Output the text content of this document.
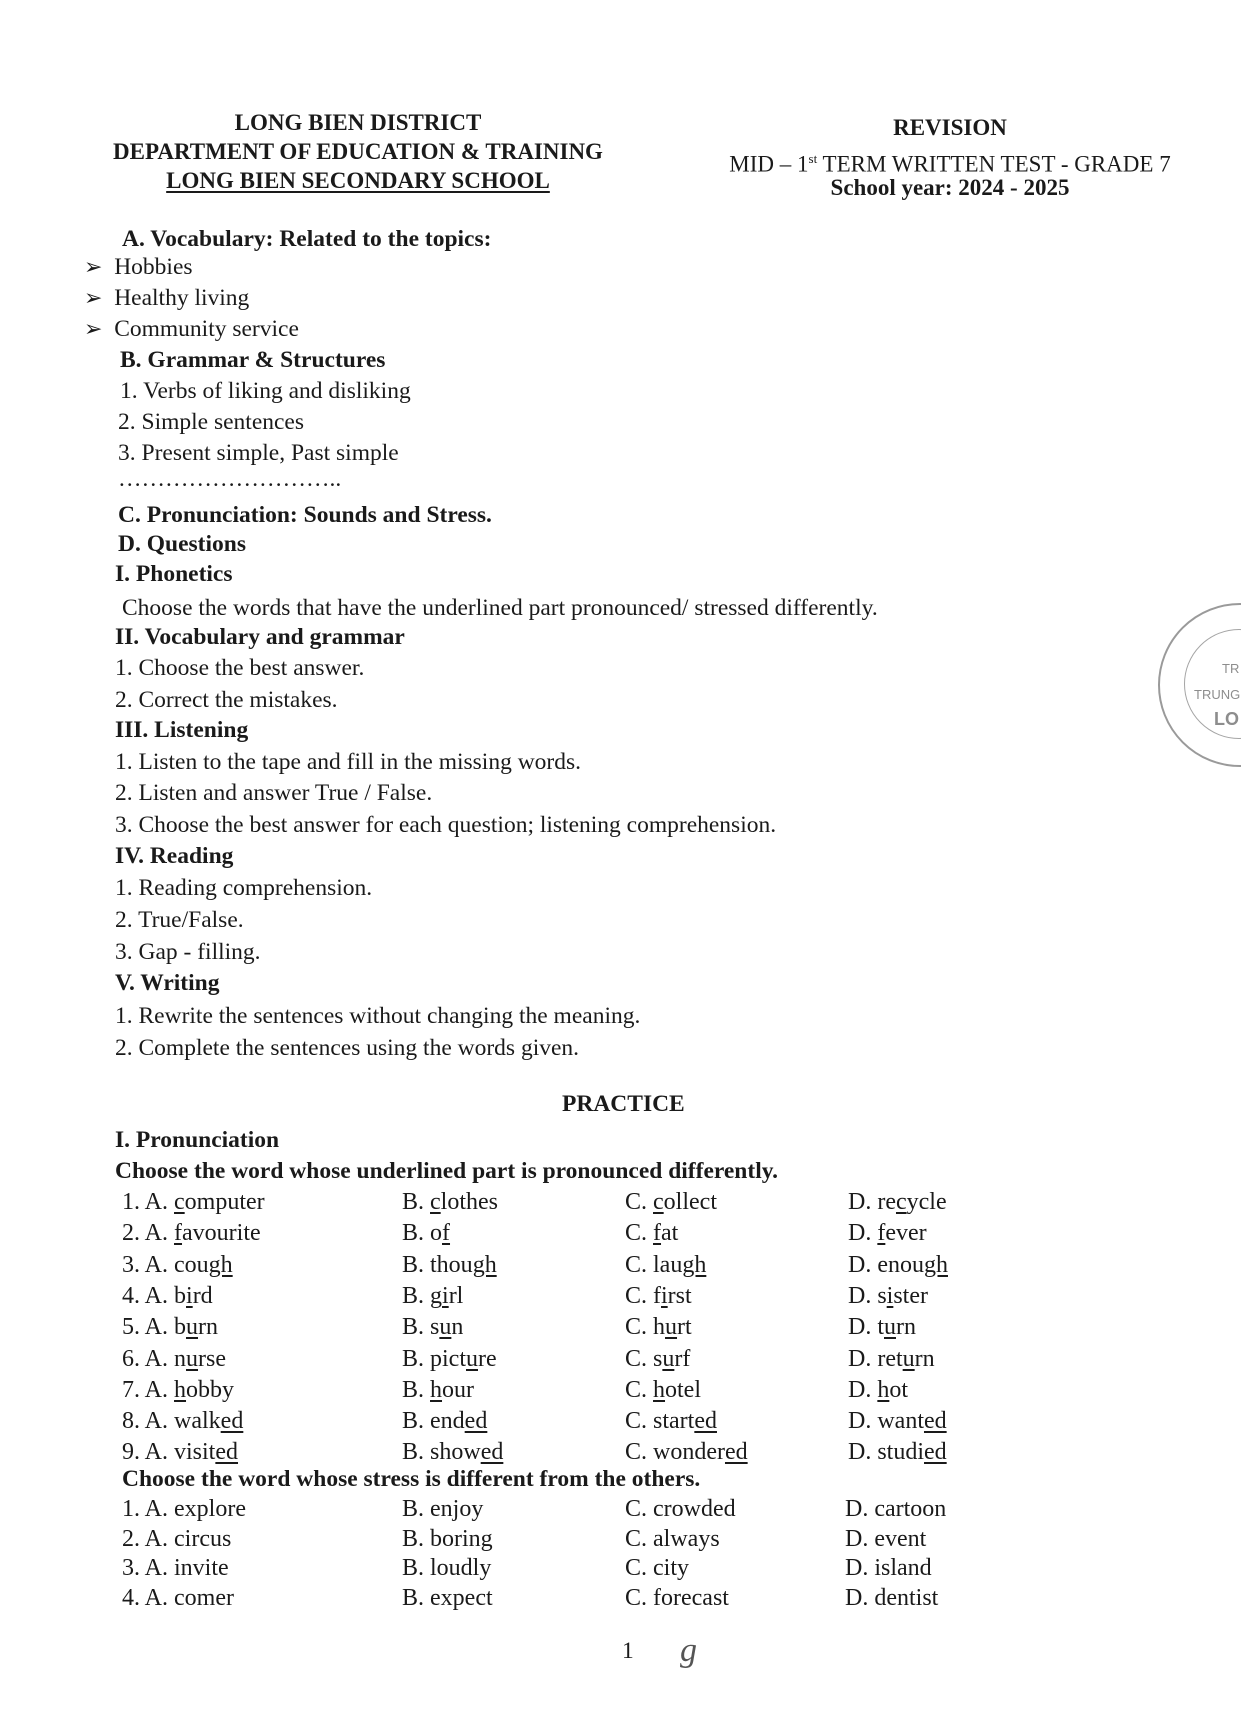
LONG BIEN DISTRICT
DEPARTMENT OF EDUCATION & TRAINING
LONG BIEN SECONDARY SCHOOL
REVISION
MID – 1st TERM WRITTEN TEST - GRADE 7
School year: 2024 - 2025
A. Vocabulary: Related to the topics:
➢ Hobbies
➢ Healthy living
➢ Community service
B. Grammar & Structures
1. Verbs of liking and disliking
2. Simple sentences
3. Present simple, Past simple
………………………..
C. Pronunciation: Sounds and Stress.
D. Questions
I. Phonetics
Choose the words that have the underlined part pronounced/ stressed differently.
II. Vocabulary and grammar
1. Choose the best answer.
2. Correct the mistakes.
III. Listening
1. Listen to the tape and fill in the missing words.
2. Listen and answer True / False.
3. Choose the best answer for each question; listening comprehension.
IV. Reading
1. Reading comprehension.
2. True/False.
3. Gap - filling.
V. Writing
1. Rewrite the sentences without changing the meaning.
2. Complete the sentences using the words given.
PRACTICE
I. Pronunciation
Choose the word whose underlined part is pronounced differently.
1. A. computer	B. clothes	C. collect	D. recycle
2. A. favourite	B. of	C. fat	D. fever
3. A. cough	B. though	C. laugh	D. enough
4. A. bird	B. girl	C. first	D. sister
5. A. burn	B. sun	C. hurt	D. turn
6. A. nurse	B. picture	C. surf	D. return
7. A. hobby	B. hour	C. hotel	D. hot
8. A. walked	B. ended	C. started	D. wanted
9. A. visited	B. showed	C. wondered	D. studied
Choose the word whose stress is different from the others.
1. A. explore	B. enjoy	C. crowded	D. cartoon
2. A. circus	B. boring	C. always	D. event
3. A. invite	B. loudly	C. city	D. island
4. A. comer	B. expect	C. forecast	D. dentist
1 g
TR
TRUNG
LO
